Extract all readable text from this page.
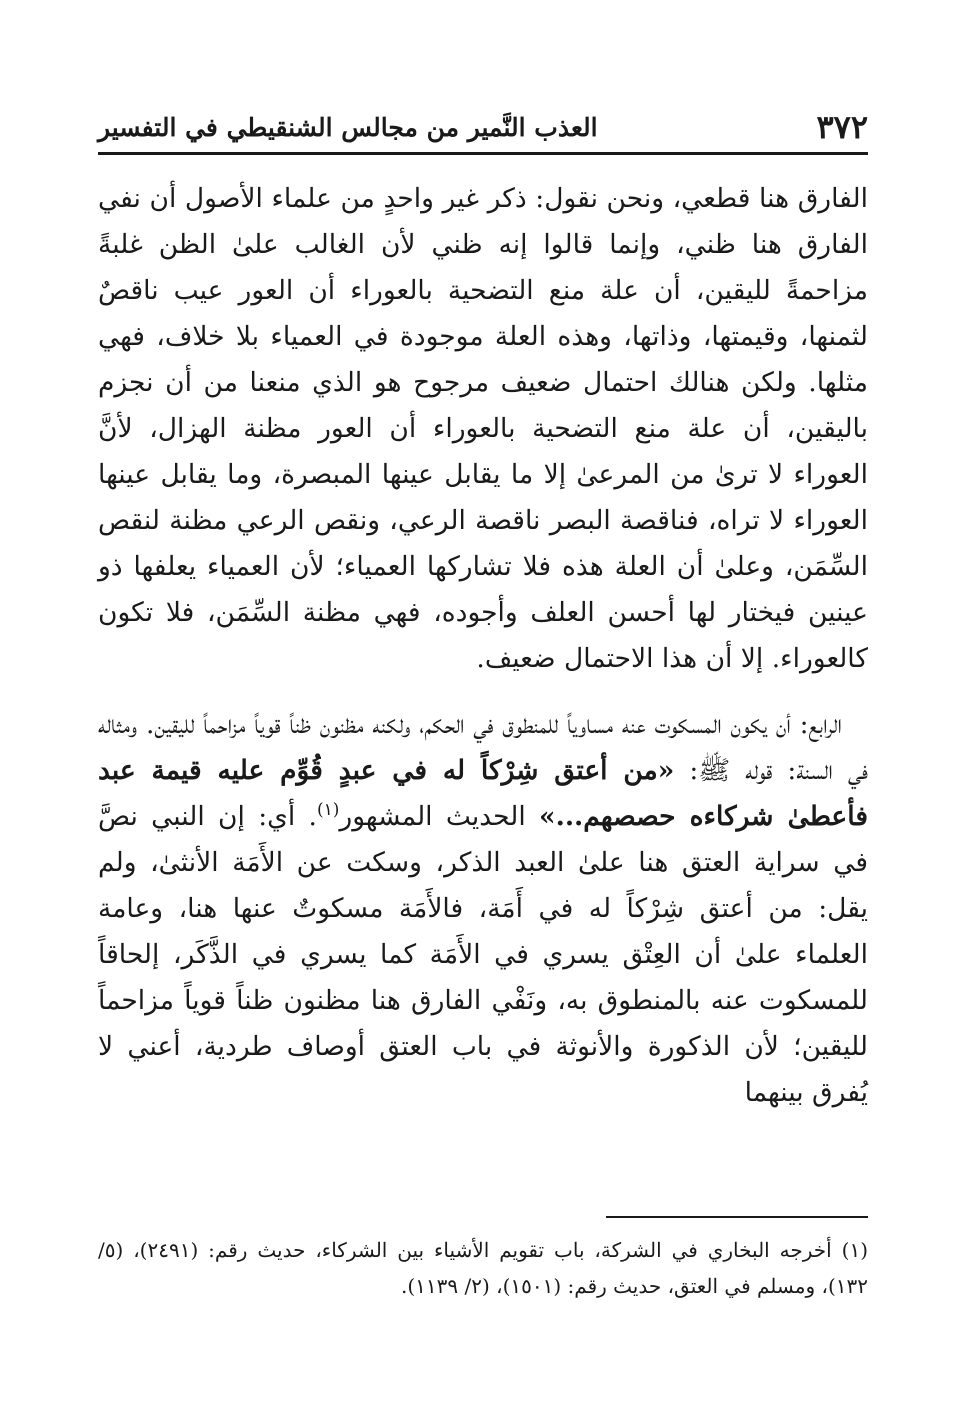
٣٧٢
العذب النَّمير من مجالس الشنقيطي في التفسير

الفارق هنا قطعي، ونحن نقول: ذكر غير واحدٍ من علماء الأصول أن نفي الفارق هنا ظني، وإنما قالوا إنه ظني لأن الغالب علىٰ الظن غلبةً مزاحمةً لليقين، أن علة منع التضحية بالعوراء أن العور عيب ناقصٌ لثمنها، وقيمتها، وذاتها، وهذه العلة موجودة في العمياء بلا خلاف، فهي مثلها. ولكن هنالك احتمال ضعيف مرجوح هو الذي منعنا من أن نجزم باليقين، أن علة منع التضحية بالعوراء أن العور مظنة الهزال، لأنَّ العوراء لا ترىٰ من المرعىٰ إلا ما يقابل عينها المبصرة، وما يقابل عينها العوراء لا تراه، فناقصة البصر ناقصة الرعي، ونقص الرعي مظنة لنقص السِّمَن، وعلىٰ أن العلة هذه فلا تشاركها العمياء؛ لأن العمياء يعلفها ذو عينين فيختار لها أحسن العلف وأجوده، فهي مظنة السِّمَن، فلا تكون كالعوراء. إلا أن هذا الاحتمال ضعيف.

الرابع: أن يكون المسكوت عنه مساوياً للمنطوق في الحكم، ولكنه مظنون ظناً قوياً مزاحماً لليقين. ومثاله في السنة: قوله ﷺ: «من أعتق شِرْكاً له في عبدٍ قُوِّم عليه قيمة عبد فأعطىٰ شركاءه حصصهم...» الحديث المشهور$^{(١)}$. أي: إن النبي نصَّ في سراية العتق هنا علىٰ العبد الذكر، وسكت عن الأَمَة الأنثىٰ، ولم يقل: من أعتق شِرْكاً له في أَمَة، فالأَمَة مسكوتٌ عنها هنا، وعامة العلماء علىٰ أن العِتْق يسري في الأَمَة كما يسري في الذَّكَر، إلحاقاً للمسكوت عنه بالمنطوق به، ونَفْي الفارق هنا مظنون ظناً قوياً مزاحماً لليقين؛ لأن الذكورة والأنوثة في باب العتق أوصاف طردية، أعني لا يُفرق بينهما

(١) أخرجه البخاري في الشركة، باب تقويم الأشياء بين الشركاء، حديث رقم: (٢٤٩١)، (٥/ ١٣٢)، ومسلم في العتق، حديث رقم: (١٥٠١)، (٢/ ١١٣٩).
